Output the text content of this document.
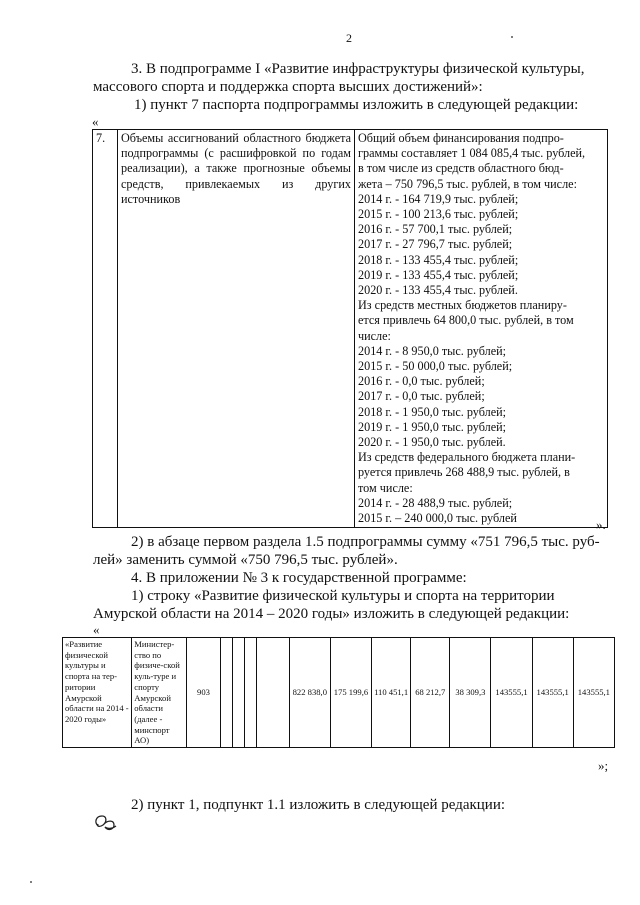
2
3. В подпрограмме I «Развитие инфраструктуры физической культуры,
массового спорта и поддержка спорта высших достижений»:
1) пункт 7 паспорта подпрограммы изложить в следующей редакции:
«
7.	Объемы ассигнований областного бюджета подпрограммы (с расшифровкой по годам реализации), а также прогнозные объемы средств, привлекаемых из других источников	
Общий объем финансирования подпро-
граммы составляет 1 084 085,4 тыс. рублей,
в том числе из средств областного бюд-
жета – 750 796,5 тыс. рублей, в том числе:
2014 г. - 164 719,9 тыс. рублей;
2015 г. - 100 213,6 тыс. рублей;
2016 г. - 57 700,1 тыс. рублей;
2017 г. - 27 796,7 тыс. рублей;
2018 г. - 133 455,4 тыс. рублей;
2019 г. - 133 455,4 тыс. рублей;
2020 г. - 133 455,4 тыс. рублей.
Из средств местных бюджетов планиру-
ется привлечь 64 800,0 тыс. рублей, в том
числе:
2014 г. - 8 950,0 тыс. рублей;
2015 г. - 50 000,0 тыс. рублей;
2016 г. - 0,0 тыс. рублей;
2017 г. - 0,0 тыс. рублей;
2018 г. - 1 950,0 тыс. рублей;
2019 г. - 1 950,0 тыс. рублей;
2020 г. - 1 950,0 тыс. рублей.
Из средств федерального бюджета плани-
руется привлечь 268 488,9 тыс. рублей, в
том числе:
2014 г. - 28 488,9 тыс. рублей;
2015 г. – 240 000,0 тыс. рублей	».
2) в абзаце первом раздела 1.5 подпрограммы сумму «751 796,5 тыс. руб-
лей» заменить суммой «750 796,5 тыс. рублей».
4. В приложении № 3 к государственной программе:
1) строку «Развитие физической культуры и спорта на территории
Амурской области на 2014 – 2020 годы» изложить в следующей редакции:
«
«Развитие физической культуры и спорта на тер-ритории Амурской области на 2014 - 2020 годы»	Министер-ство по физиче-ской куль-туре и спорту Амурской области (далее - минспорт АО)	903					822 838,0	175 199,6	110 451,1	68 212,7	38 309,3	143555,1	143555,1	143555,1
»;
2) пункт 1, подпункт 1.1 изложить в следующей редакции:
